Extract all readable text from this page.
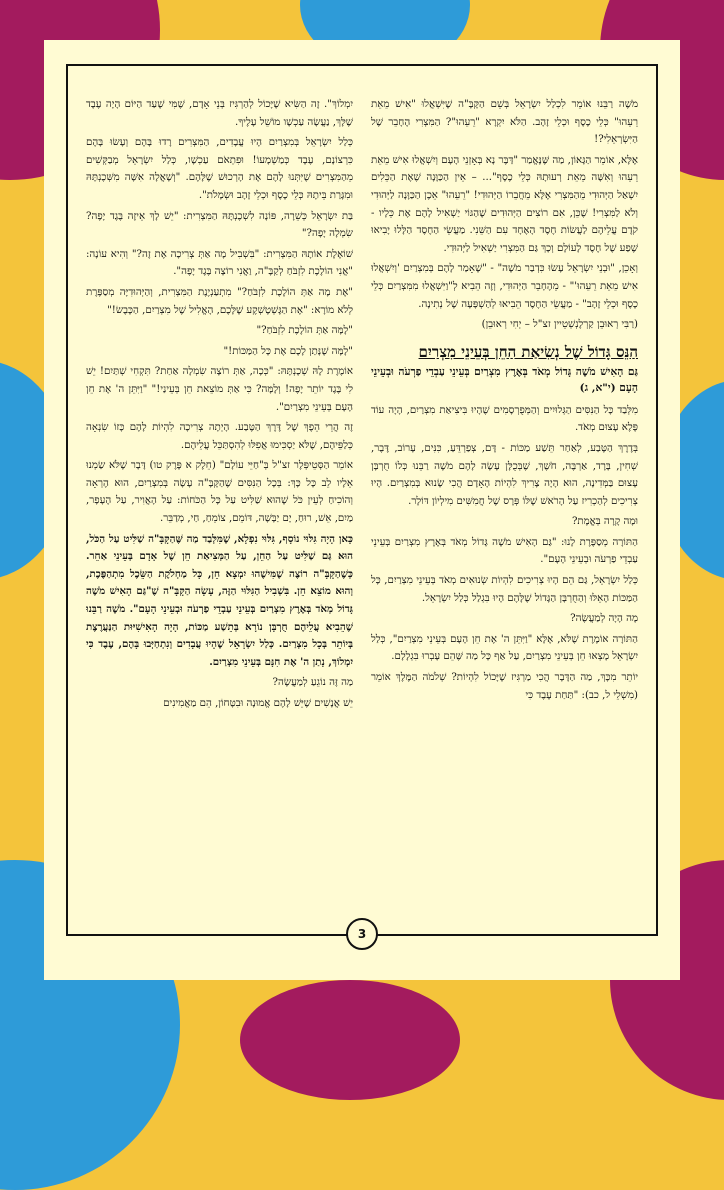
מֹשֶׁה רַבֵּנוּ אוֹמֵר לִכְלַל יִשְׂרָאֵל בְּשֵׁם הַקָּבָּ"ה שֶׁיִּשְׁאֲלוּ "אִישׁ מֵאֵת רֵעֵהוּ" כְּלֵי כֶסֶף וּכְלֵי זָהָב. הַלֹּא יִקְרָא "רֵעֵהוּ"? הַמִּצְרִי הֶחָבֵר שֶׁל הַיִּשְׂרְאֵלִי?!

אֶלָּא, אוֹמֵר הַגָּאוֹן, מַה שֶּׁנֶּאֱמַר "דַּבֶּר נָא בְּאָזְנֵי הָעָם וְיִשְׁאֲלוּ אִישׁ מֵאֵת רֵעֵהוּ וְאִשָּׁה מֵאֵת רְעוּתָהּ כְּלֵי כֶסֶף"... – אֵין הַכַּוָּנָה שֶׁאֶת הַכֵּלִים יִשְׁאַל הַיְּהוּדִי מֵהַמִּצְרִי אֶלָּא מֵחֲבֵרוֹ הַיְּהוּדִי! "רֵעֵהוּ" אֵכֶן הַכַּוָּנָה לַיְּהוּדִי וְלֹא לַמִּצְרִי! שֶׁכֵּן, אִם רוֹצִים הַיְּהוּדִים שֶׁהַגּוֹי יַשְׁאִיל לָהֶם אֶת כֵּלָיו - קֹדֶם עֲלֵיהֶם לַעֲשׂוֹת חֶסֶד הָאֶחָד עִם הַשֵּׁנִי. מַעֲשֵׂי הַחֶסֶד הַלָּלוּ יָבִיאוּ שֶׁפַע שֶׁל חֶסֶד לָעוֹלָם וְכָךְ גַּם הַמִּצְרִי יַשְׁאִיל לַיְּהוּדִי.

וְאָכֵן, "וּבְנֵי יִשְׂרָאֵל עָשׂוּ כִּדְבַר מֹשֶׁה" - "שֶׁאָמַר לָהֶם בְּמִצְרַיִם 'וְיִשְׁאֲלוּ אִישׁ מֵאֵת רֵעֵהוּ'" - מֵהֶחָבֵר הַיְּהוּדִי, וְזֶה הֵבִיא לְ"וַיִּשְׁאֲלוּ מִמִּצְרַיִם כְּלֵי כֶסֶף וּכְלֵי זָהָב" - מַעֲשֵׂי הַחֶסֶד הֵבִיאוּ לְהַשְׁפָּעָה שֶׁל נְתִינָה.

(רַבִּי רְאוּבֵן קַרְלֶנְשְׁטֵיין זצ"ל – יְחִי רְאוּבֵן)

הַנֵּס גָּדוֹל שֶׁל נְשִׂיאַת הַחֵן בְּעֵינֵי מִצְרַיִם
גַּם הָאִישׁ מֹשֶׁה גָּדוֹל מְאֹד בְּאֶרֶץ מִצְרַיִם בְּעֵינֵי עַבְדֵי פַרְעֹה וּבְעֵינֵי הָעָם (י"א, ג)

מִלְּבַד כָּל הַנִּסִּים הַגְּלוּיִים וְהַמְּפֻרְסָמִים שֶׁהָיוּ בִּיצִיאַת מִצְרַיִם, הָיָה עוֹד פֶּלֶא עָצוּם מְאֹד.

בְּדֶרֶךְ הַטֶּבַע, לְאַחַר תֵּשַׁע מַכּוֹת - דָּם, צְפַרְדֵּעַ, כִּנִּים, עָרוֹב, דֶּבֶר, שְׁחִין, בָּרָד, אַרְבֶּה, חֹשֶׁךְ, שֶׁבְּכֻלָּן עָשָׂה לָהֶם מֹשֶׁה רַבֵּנוּ כְּלוֹ חֻרְבָּן עָצוּם בַּמְּדִינָה, הוּא הָיָה צָרִיךְ לִהְיוֹת הָאָדָם הֲכִי שָׂנוּא בְּמִצְרַיִם. הָיוּ צְרִיכִים לְהַכְרִיז עַל הָרֹאשׁ שֶׁלּוֹ פְּרָס שֶׁל חֲמִשִּׁים מִילְיוֹן דּוֹלָר.

וּמָה קָרָה בְּאֱמֶת?

הַתּוֹרָה מְסַפֶּרֶת לָנוּ: "גַּם הָאִישׁ מֹשֶׁה גָּדוֹל מְאֹד בְּאֶרֶץ מִצְרַיִם בְּעֵינֵי עַבְדֵי פַרְעֹה וּבְעֵינֵי הָעָם".

כְּלַל יִשְׂרָאֵל, גַּם הֵם הָיוּ צְרִיכִים לִהְיוֹת שְׂנוּאִים מְאֹד בְּעֵינֵי מִצְרַיִם, כָּל הַמַּכּוֹת הָאֵלּוּ וְהַחֻרְבָּן הַגָּדוֹל שֶׁלָּהֶם הָיוּ בִּגְלַל כְּלַל יִשְׂרָאֵל.

מֶה הָיָה לְמַעֲשֶׂה?

הַתּוֹרָה אוֹמֶרֶת שֶׁלֹּא, אֶלָּא "וַיִּתֵּן ה' אֶת חֵן הָעָם בְּעֵינֵי מִצְרַיִם", כְּלַל יִשְׂרָאֵל מָצְאוּ חֵן בְּעֵינֵי מִצְרַיִם, עַל אַף כָּל מַה שֶּׁהֵם עָבְרוּ בִּגְלָלָם.

יוֹתֵר מִכָּךְ, מַה הַדָּבָר הֲכִי מַרְגִּיז שֶׁיָּכוֹל לִהְיוֹת? שְׁלֹמֹה הַמֶּלֶךְ אוֹמֵר (מִשְׁלֵי ל, כב): "תַּחַת עֶבֶד כִּי

יִמְלוֹךְ". זֶה הַשִּׂיא שֶׁיָּכוֹל לְהַרְגִּיז בְּנֵי אָדָם, שֶׁמִּי שֶׁעַד הַיּוֹם הָיָה עֶבֶד שֶׁלָּךְ, נַעֲשָׂה עַכְשָׁו מוֹשֵׁל עָלֶיךָ.

כְּלַל יִשְׂרָאֵל בְּמִצְרַיִם הָיוּ עֲבָדִים, הַמִּצְרִים רָדוּ בָּהֶם וְעָשׂוּ בָּהֶם כִּרְצוֹנָם, עֶבֶד כְּמַשְׁמָעוֹ! וּפִתְאֹם עַכְשָׁו, כְּלַל יִשְׂרָאֵל מְבַקְּשִׁים מֵהַמִּצְרִים שֶׁיִּתְּנוּ לָהֶם אֶת הָרְכוּשׁ שֶׁלָּהֶם. "וְשָׁאֲלָה אִשָּׁה מִשְּׁכֶנְתָּהּ וּמִגָּרַת בֵּיתָהּ כְּלֵי כֶסֶף וּכְלֵי זָהָב וּשְׂמָלֹת".

בַּת יִשְׂרָאֵל כְּשֵׁרָה, פּוֹנָה לִשְׁכֶנְתָּהּ הַמִּצְרִית: "יֵשׁ לָךְ אֵיזֶה בֶּגֶד יָפֶה? שִׂמְלָה יָפָה?"

שׁוֹאֶלֶת אוֹתָהּ הַמִּצְרִית: "בִּשְׁבִיל מָה אַתְּ צְרִיכָה אֶת זֶה?" וְהִיא עוֹנָה: "אֲנִי הוֹלֶכֶת לִזְבֹּחַ לְקַבָּ"ה, וַאֲנִי רוֹצָה בֶּגֶד יָפֶה".

"אֶת מָה אַתְּ הוֹלֶכֶת לִזְבֹּחַ?" מִתְעַנְיֶנֶת הַמִּצְרִית, וְהַיְּהוּדִיָּה מְסַפֶּרֶת לְלֹא מוֹרָא: "אֶת הַגֶּשְׁטֶשְׁקֶע שֶׁלָּכֶם, הָאֱלִיל שֶׁל מִצְרַיִם, הַכֶּבֶשׂ!"

"לָמָּה אַתְּ הוֹלֶכֶת לִזְבֹּחַ?"

"לָמָּה שֶׁנָּתַן לָכֶם אֶת כָּל הַמַּכּוֹת!"

אוֹמֶרֶת לָהּ שְׁכֶנְתָּהּ: "כְּכָה, אַתְּ רוֹצָה שִׂמְלָה אַחַת? תִּקְחִי שְׁתַּיִם! יֵשׁ לִי בֶּגֶד יוֹתֵר יָפֶה! וְלָמָּה? כִּי אַתְּ מוֹצֵאת חֵן בְּעֵינַי!" "וַיִּתֵּן ה' אֶת חֵן הָעָם בְּעֵינֵי מִצְרַיִם".

זֶה הֲרֵי הֵפֶךְ שֶׁל דֶּרֶךְ הַטֶּבַע. הָיְתָה צְרִיכָה לִהְיוֹת לָהֶם כָּזוֹ שִׂנְאָה כְּלַפֵּיהֶם, שֶׁלֹּא יַסְכִּימוּ אֲפִלּוּ לְהִסְתַּכֵּל עֲלֵיהֶם.

אוֹמֵר הַסְּטֵיפְּלֶר זצ"ל בְּ"חַיֵּי עוֹלָם" (חֵלֶק א פֶּרֶק טו) דָּבָר שֶׁלֹּא שַׂמְנוּ אֵלָיו לֵב כָּל כָּךְ: בְּכָל הַנִּסִּים שֶׁהַקָּבָּ"ה עָשָׂה בְּמִצְרַיִם, הוּא הֶרְאָה וְהוֹכִיחַ לְעֵין כֹּל שֶׁהוּא שַׁלִּיט עַל כָּל הַכֹּחוֹת: עַל הָאֲוִיר, עַל הֶעָפָר, מַיִם, אֵשׁ, רוּחַ, יָם יַבָּשָׁה, דּוֹמֵם, צוֹמֵחַ, חַי, מְדַבֵּר.

כָּאן הָיָה גִּלּוּי נוֹסָף, גִּלּוּי נִפְלָא, שֶׁמִּלְּבַד מַה שֶּׁהַקָּבָּ"ה שַׁלִּיט עַל הַכֹּל, הוּא גַּם שַׁלִּיט עַל הַחֵן, עַל הַמְּצִיאַת חֵן שֶׁל אָדָם בְּעֵינֵי אַחֵר. כְּשֶׁהַקָּבָּ"ה רוֹצֶה שֶׁמִּישֶׁהוּ יִמְצָא חֵן, כָּל מַחְלֹקֶת הַשֵּׂכֶל מִתְהַפֶּכֶת, וְהוּא מוֹצֵא חֵן. בִּשְׁבִיל הַגִּלּוּי הַזֶּה, עָשָׂה הַקָּבָּ"ה שֶׁ"גַּם הָאִישׁ מֹשֶׁה גָּדוֹל מְאֹד בְּאֶרֶץ מִצְרַיִם בְּעֵינֵי עַבְדֵי פַרְעֹה וּבְעֵינֵי הָעָם". מֹשֶׁה רַבֵּנוּ שֶׁהֵבִיא עֲלֵיהֶם חֻרְבָּן נוֹרָא בְּתֵשַׁע מַכּוֹת, הָיָה הָאִישִׁיּוּת הַנַּעֲרֶצֶת בְּיוֹתֵר בְּכָל מִצְרַיִם. כְּלַל יִשְׂרָאֵל שֶׁהָיוּ עֲבָדִים וְנִתְחַיְּבוּ בָּהֶם, עֶבֶד כִּי יִמְלוֹךְ, נָתַן ה' אֶת חִנָּם בְּעֵינֵי מִצְרַיִם.

מַה זֶּה נוֹגֵעַ לְמַעֲשֶׂה?

יֵשׁ אֲנָשִׁים שֶׁיֵּשׁ לָהֶם אֱמוּנָה וּבִטָּחוֹן, הֵם מַאֲמִינִים

3
